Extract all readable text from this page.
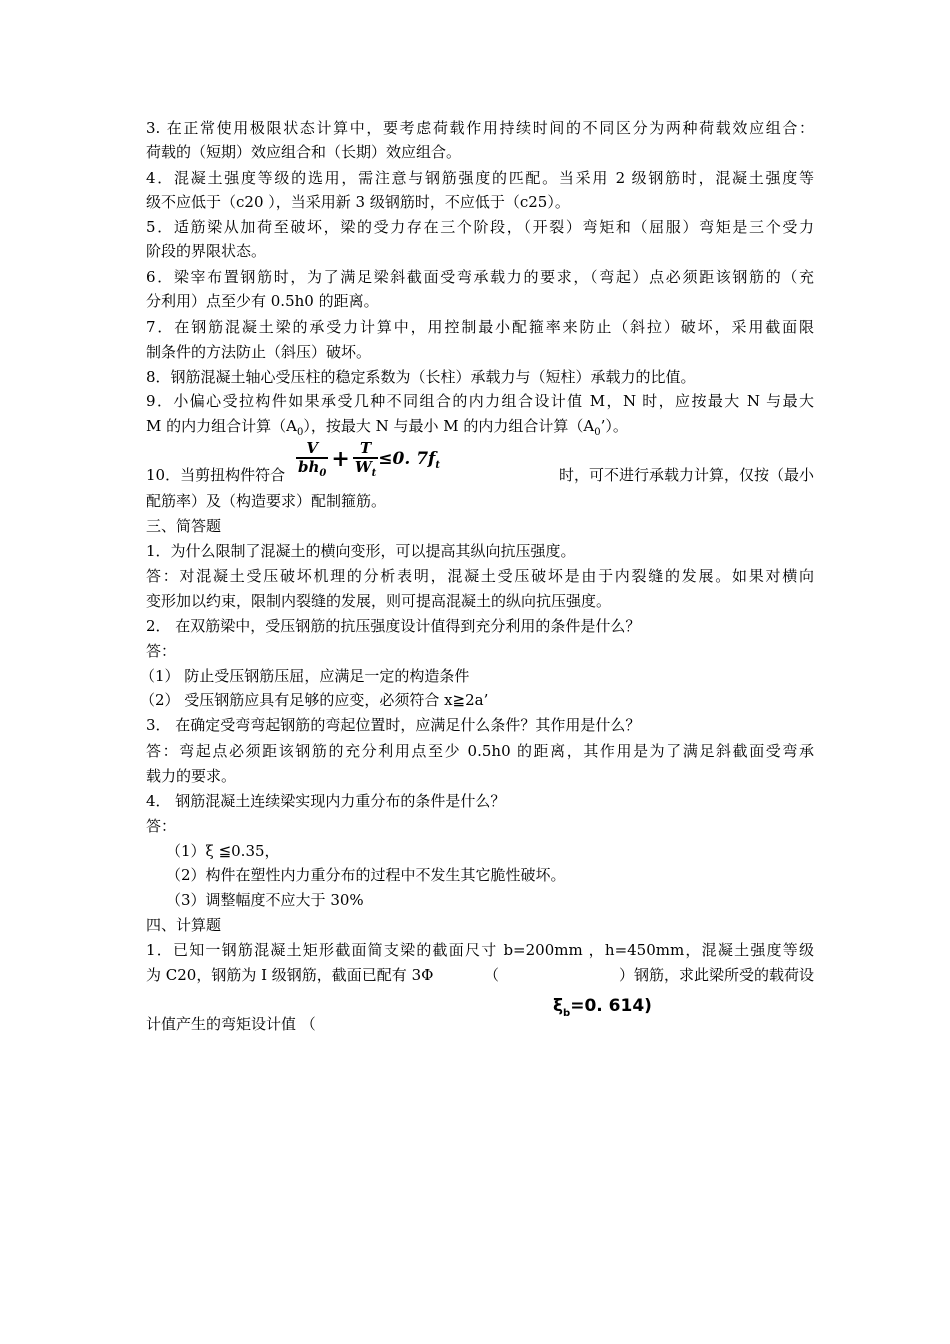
3. 在正常使用极限状态计算中，要考虑荷载作用持续时间的不同区分为两种荷载效应组合：
荷载的（短期）效应组合和（长期）效应组合。
4．混凝土强度等级的选用，需注意与钢筋强度的匹配。当采用 2 级钢筋时，混凝土强度等
级不应低于（c20 ），当采用新 3 级钢筋时，不应低于（c25）。
5．适筋梁从加荷至破坏，梁的受力存在三个阶段，（开裂）弯矩和（屈服）弯矩是三个受力
阶段的界限状态。
6．梁宰布置钢筋时，为了满足梁斜截面受弯承载力的要求，（弯起）点必须距该钢筋的（充
分利用）点至少有 0.5h0 的距离。
7．在钢筋混凝土梁的承受力计算中，用控制最小配箍率来防止（斜拉）破坏，采用截面限
制条件的方法防止（斜压）破坏。
8．钢筋混凝土轴心受压柱的稳定系数为（长柱）承载力与（短柱）承载力的比值。
9．小偏心受拉构件如果承受几种不同组合的内力组合设计值 M，N 时，应按最大 N 与最大
M 的内力组合计算$(A_0)$，按最大 N 与最小 M 的内力组合计算$(A_0’)$。
10．当剪扭构件符合 $\frac{V}{bh_0} + \frac{T}{W_t} \le 0$. $7f_t$
时，可不进行承载力计算，仅按（最小
配筋率）及（构造要求）配制箍筋。
三、简答题
1．为什么限制了混凝土的横向变形，可以提高其纵向抗压强度。
答：对混凝土受压破坏机理的分析表明，混凝土受压破坏是由于内裂缝的发展。如果对横向
变形加以约束，限制内裂缝的发展，则可提高混凝土的纵向抗压强度。
2． 在双筋梁中，受压钢筋的抗压强度设计值得到充分利用的条件是什么？
答：
（1） 防止受压钢筋压屈，应满足一定的构造条件
（2） 受压钢筋应具有足够的应变，必须符合 x≧2a’
3． 在确定受弯弯起钢筋的弯起位置时，应满足什么条件？其作用是什么？
答：弯起点必须距该钢筋的充分利用点至少 0.5h0 的距离，其作用是为了满足斜截面受弯承
载力的要求。
4． 钢筋混凝土连续梁实现内力重分布的条件是什么？
答：
（1）ξ ≦0.35，
（2）构件在塑性内力重分布的过程中不发生其它脆性破坏。
（3）调整幅度不应大于 30%
四、计算题
1．已知一钢筋混凝土矩形截面简支梁的截面尺寸 b=200mm ，h=450mm，混凝土强度等级
为 C20，钢筋为 I 级钢筋，截面已配有 3Φ	（	）钢筋，求此梁所受的载荷设
$\xi_b=0$. 614)
计值产生的弯矩设计值 （
